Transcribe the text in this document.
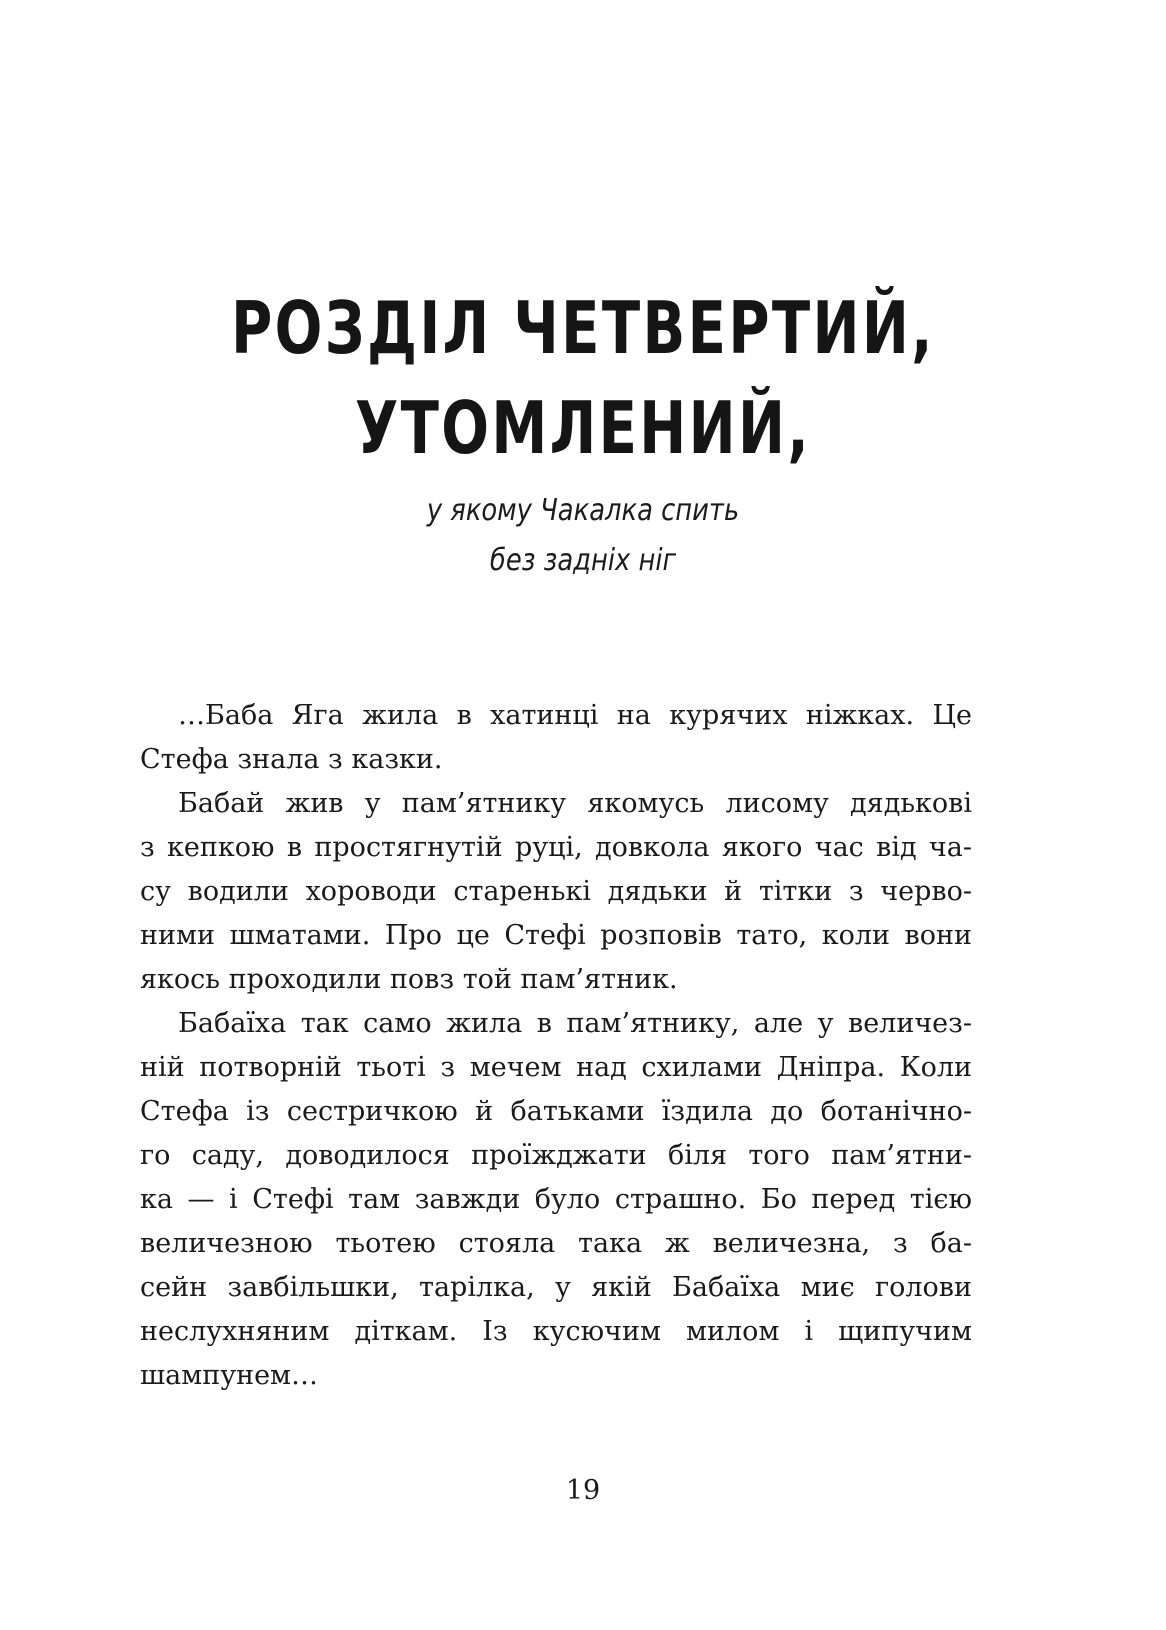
РОЗДІЛ ЧЕТВЕРТИЙ,
УТОМЛЕНИЙ,
у якому Чакалка спить
без задніх ніг
…Баба Яга жила в хатинці на курячих ніжках. Це
Стефа знала з казки.
Бабай жив у пам’ятнику якомусь лисому дядькові
з кепкою в простягнутій руці, довкола якого час від ча-
су водили хороводи старенькі дядьки й тітки з черво-
ними шматами. Про це Стефі розповів тато, коли вони
якось проходили повз той пам’ятник.
Бабаїха так само жила в пам’ятнику, але у величез-
ній потворній тьоті з мечем над схилами Дніпра. Коли
Стефа із сестричкою й батьками їздила до ботанічно-
го саду, доводилося проїжджати біля того пам’ятни-
ка — і Стефі там завжди було страшно. Бо перед тією
величезною тьотею стояла така ж величезна, з ба-
сейн завбільшки, тарілка, у якій Бабаїха миє голови
неслухняним діткам. Із кусючим милом і щипучим
шампунем…
19
